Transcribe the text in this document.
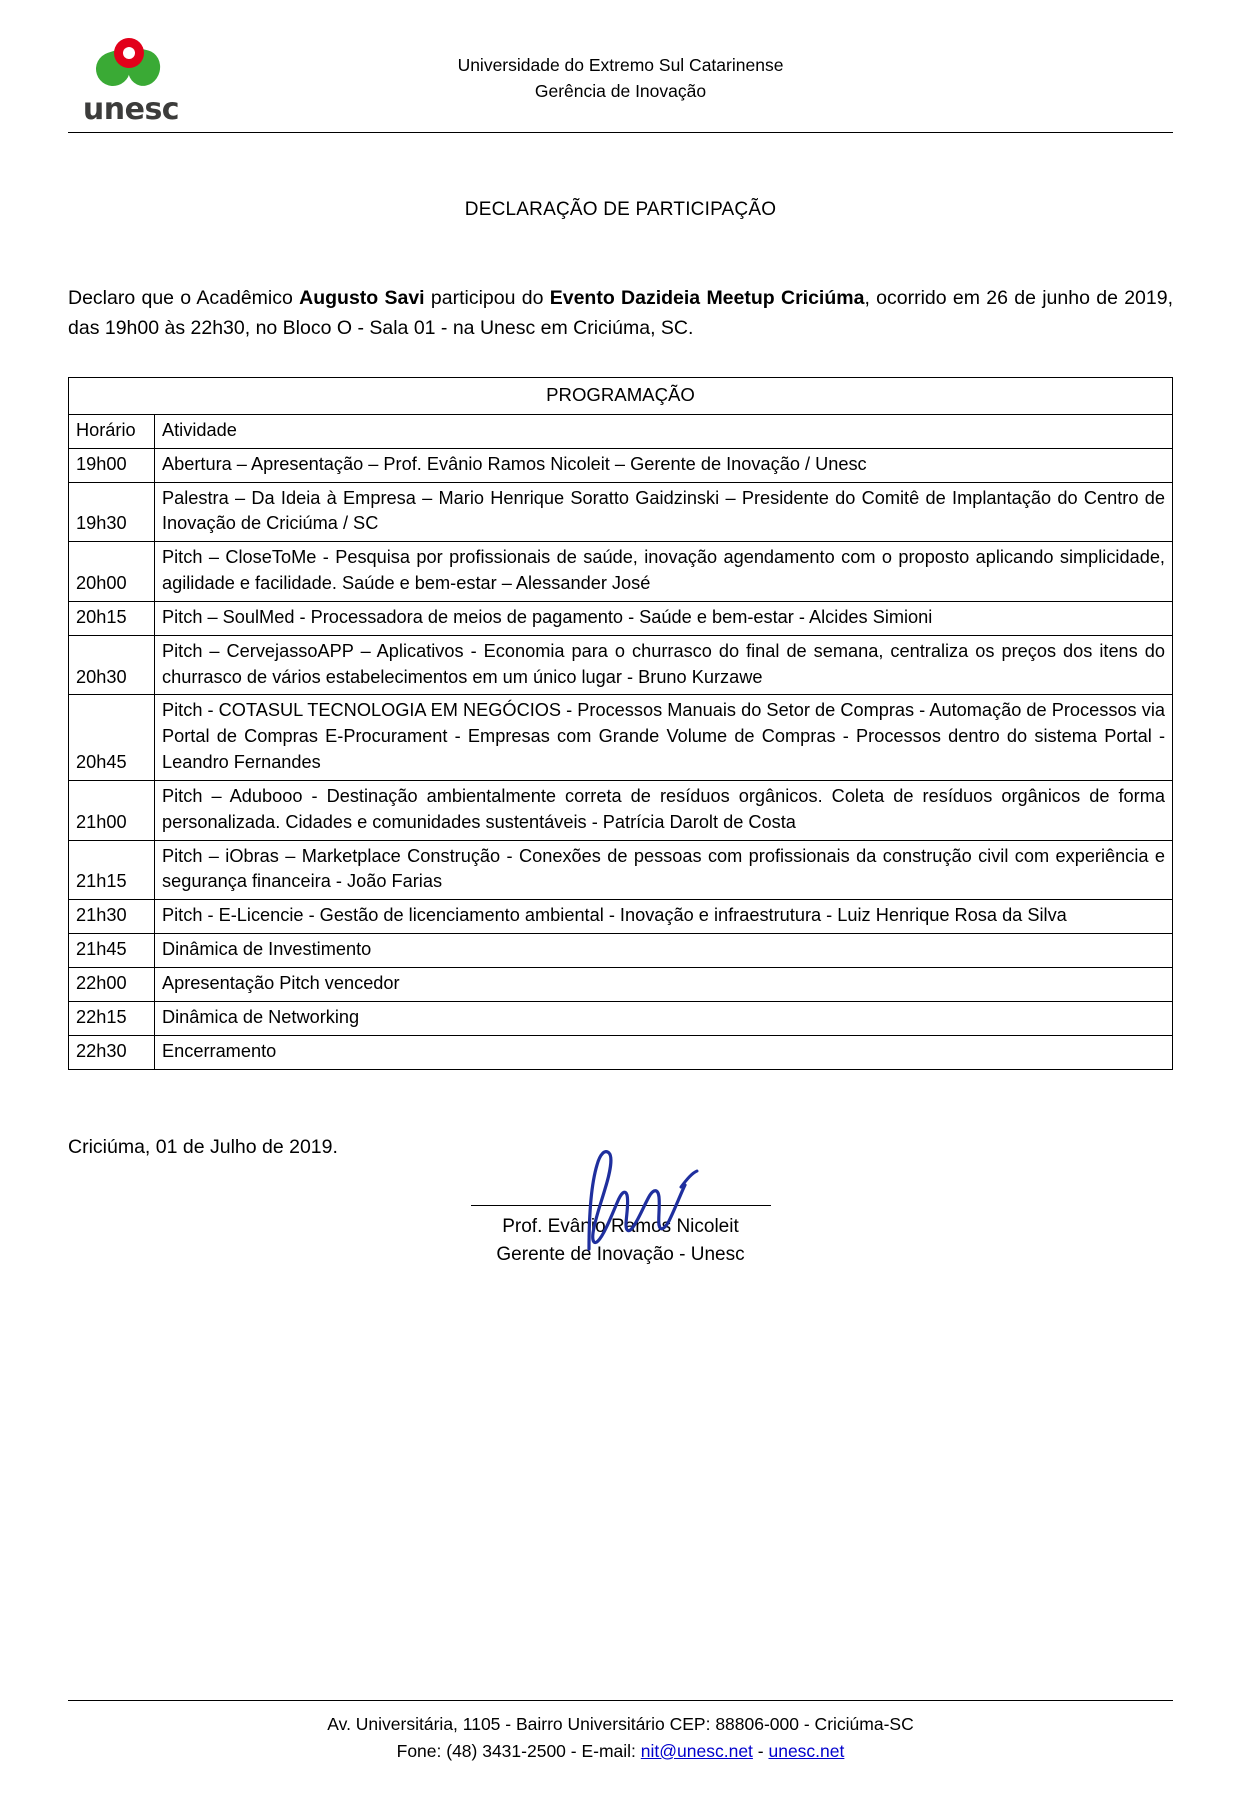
unesc
Universidade do Extremo Sul Catarinense
Gerência de Inovação
DECLARAÇÃO DE PARTICIPAÇÃO

Declaro que o Acadêmico Augusto Savi participou do Evento Dazideia Meetup Criciúma, ocorrido em 26 de junho de 2019, das 19h00 às 22h30, no Bloco O - Sala 01 - na Unesc em Criciúma, SC.

PROGRAMAÇÃO	
Horário	Atividade
19h00	Abertura – Apresentação – Prof. Evânio Ramos Nicoleit – Gerente de Inovação / Unesc
19h30	Palestra – Da Ideia à Empresa – Mario Henrique Soratto Gaidzinski – Presidente do Comitê de Implantação do Centro de Inovação de Criciúma / SC
20h00	Pitch – CloseToMe - Pesquisa por profissionais de saúde, inovação agendamento com o proposto aplicando simplicidade, agilidade e facilidade. Saúde e bem-estar – Alessander José
20h15	Pitch – SoulMed - Processadora de meios de pagamento - Saúde e bem-estar - Alcides Simioni
20h30	Pitch – CervejassoAPP – Aplicativos - Economia para o churrasco do final de semana, centraliza os preços dos itens do churrasco de vários estabelecimentos em um único lugar - Bruno Kurzawe
20h45	Pitch - COTASUL TECNOLOGIA EM NEGÓCIOS - Processos Manuais do Setor de Compras - Automação de Processos via Portal de Compras E-Procurament - Empresas com Grande Volume de Compras - Processos dentro do sistema Portal - Leandro Fernandes
21h00	Pitch – Adubooo - Destinação ambientalmente correta de resíduos orgânicos. Coleta de resíduos orgânicos de forma personalizada. Cidades e comunidades sustentáveis - Patrícia Darolt de Costa
21h15	Pitch – iObras – Marketplace Construção - Conexões de pessoas com profissionais da construção civil com experiência e segurança financeira - João Farias
21h30	Pitch - E-Licencie - Gestão de licenciamento ambiental - Inovação e infraestrutura - Luiz Henrique Rosa da Silva
21h45	Dinâmica de Investimento
22h00	Apresentação Pitch vencedor
22h15	Dinâmica de Networking
22h30	Encerramento
Criciúma, 01 de Julho de 2019.
Prof. Evânio Ramos Nicoleit
Gerente de Inovação - Unesc
Av. Universitária, 1105 - Bairro Universitário CEP: 88806-000 - Criciúma-SC
Fone: (48) 3431-2500 - E-mail: nit@unesc.net - unesc.net
